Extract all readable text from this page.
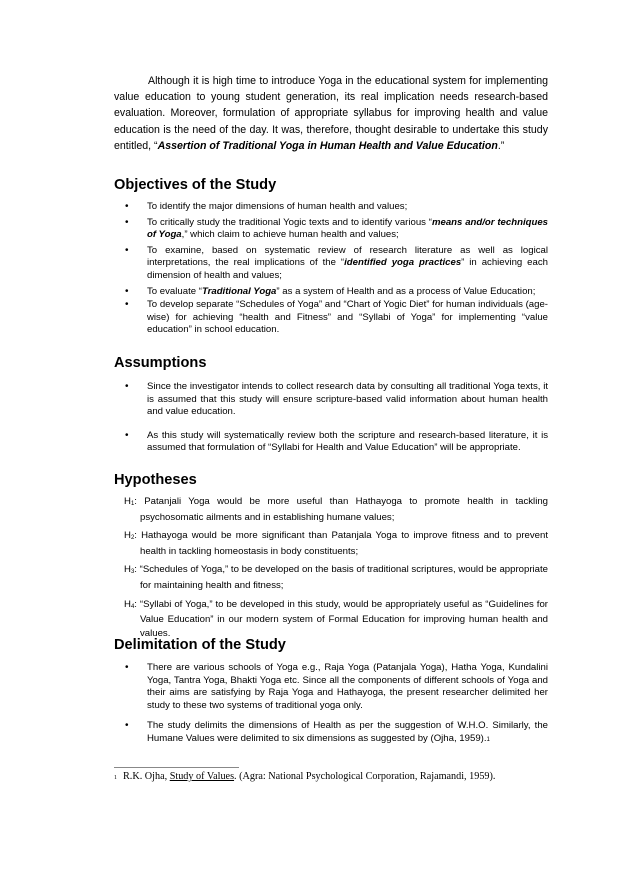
Although it is high time to introduce Yoga in the educational system for implementing value education to young student generation, its real implication needs research-based evaluation. Moreover, formulation of appropriate syllabus for improving health and value education is the need of the day. It was, therefore, thought desirable to undertake this study entitled, “Assertion of Traditional Yoga in Human Health and Value Education.”

Objectives of the Study
• To identify the major dimensions of human health and values;
• To critically study the traditional Yogic texts and to identify various “means and/or techniques of Yoga,” which claim to achieve human health and values;
• To examine, based on systematic review of research literature as well as logical interpretations, the real implications of the “identified yoga practices” in achieving each dimension of health and values;
• To evaluate “Traditional Yoga” as a system of Health and as a process of Value Education;
• To develop separate “Schedules of Yoga” and “Chart of Yogic Diet” for human individuals (age-wise) for achieving “health and Fitness” and “Syllabi of Yoga” for implementing “value education” in school education.
Assumptions
• Since the investigator intends to collect research data by consulting all traditional Yoga texts, it is assumed that this study will ensure scripture-based valid information about human health and value education.
• As this study will systematically review both the scripture and research-based literature, it is assumed that formulation of “Syllabi for Health and Value Education” will be appropriate.
Hypotheses
$H_1$: Patanjali Yoga would be more useful than Hathayoga to promote health in tackling psychosomatic ailments and in establishing humane values;
$H_2$: Hathayoga would be more significant than Patanjala Yoga to improve fitness and to prevent health in tackling homeostasis in body constituents;
$H_3$: “Schedules of Yoga,” to be developed on the basis of traditional scriptures, would be appropriate for maintaining health and fitness;
$H_4$: “Syllabi of Yoga,” to be developed in this study, would be appropriately useful as “Guidelines for Value Education” in our modern system of Formal Education for improving human health and values.
Delimitation of the Study
• There are various schools of Yoga e.g., Raja Yoga (Patanjala Yoga), Hatha Yoga, Kundalini Yoga, Tantra Yoga, Bhakti Yoga etc. Since all the components of different schools of Yoga and their aims are satisfying by Raja Yoga and Hathayoga, the present researcher delimited her study to these two systems of traditional yoga only.
• The study delimits the dimensions of Health as per the suggestion of W.H.O. Similarly, the Humane Values were delimited to six dimensions as suggested by (Ojha, 1959).1

1 R.K. Ojha, Study of Values. (Agra: National Psychological Corporation, Rajamandi, 1959).
